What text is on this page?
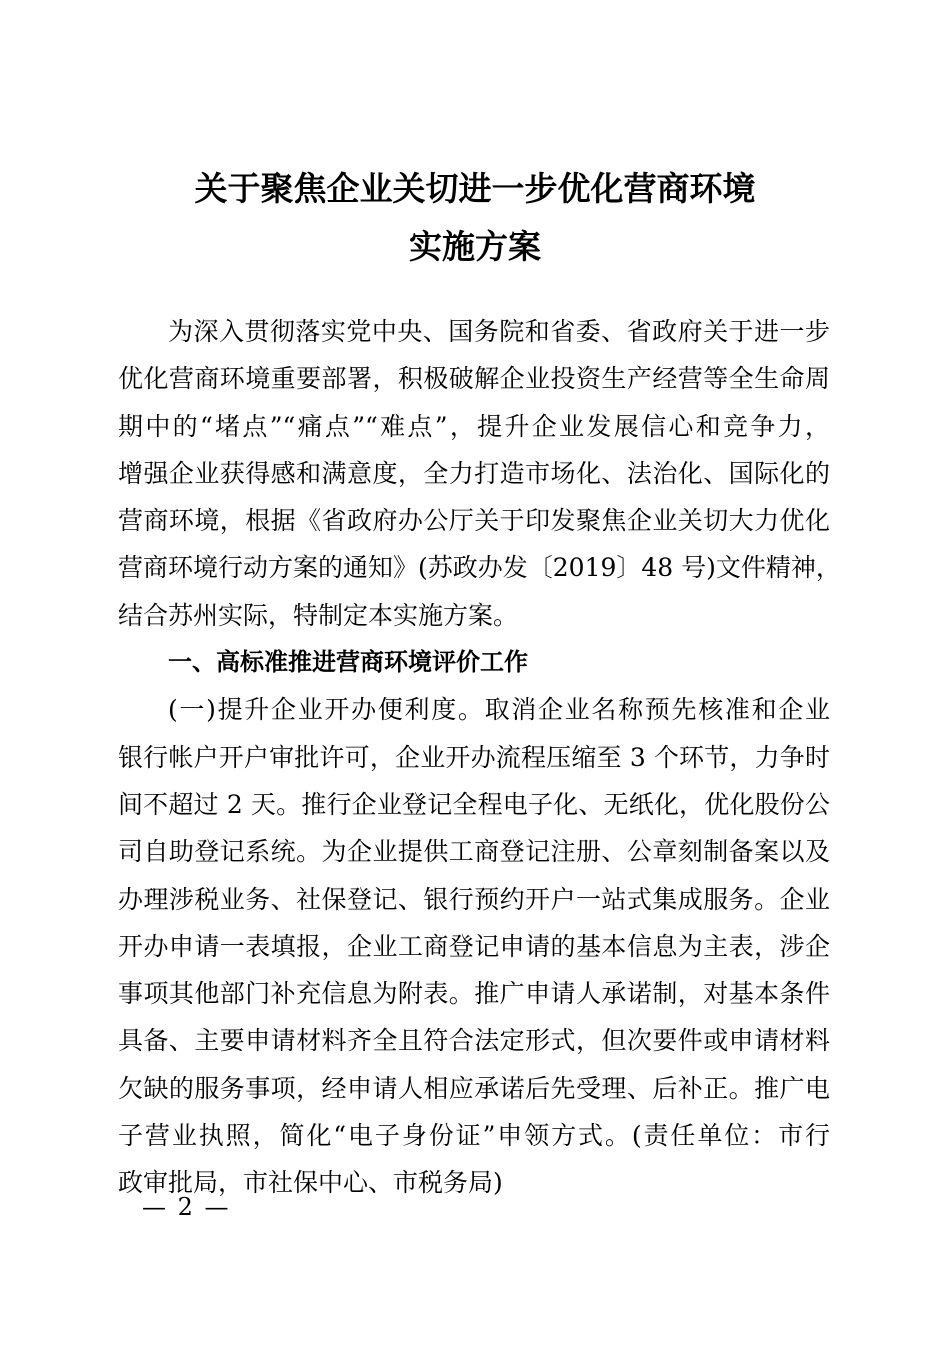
关于聚焦企业关切进一步优化营商环境
实施方案
为深入贯彻落实党中央、国务院和省委、省政府关于进一步
优化营商环境重要部署，积极破解企业投资生产经营等全生命周
期中的“堵点”“痛点”“难点”，提升企业发展信心和竞争力，
增强企业获得感和满意度，全力打造市场化、法治化、国际化的
营商环境，根据《省政府办公厅关于印发聚焦企业关切大力优化
营商环境行动方案的通知》(苏政办发〔2019〕48 号)文件精神，
结合苏州实际，特制定本实施方案。
一、高标准推进营商环境评价工作
(一)提升企业开办便利度。取消企业名称预先核准和企业
银行帐户开户审批许可，企业开办流程压缩至 3 个环节，力争时
间不超过 2 天。推行企业登记全程电子化、无纸化，优化股份公
司自助登记系统。为企业提供工商登记注册、公章刻制备案以及
办理涉税业务、社保登记、银行预约开户一站式集成服务。企业
开办申请一表填报，企业工商登记申请的基本信息为主表，涉企
事项其他部门补充信息为附表。推广申请人承诺制，对基本条件
具备、主要申请材料齐全且符合法定形式，但次要件或申请材料
欠缺的服务事项，经申请人相应承诺后先受理、后补正。推广电
子营业执照，简化“电子身份证”申领方式。(责任单位：市行
政审批局，市社保中心、市税务局)
— 2 —
